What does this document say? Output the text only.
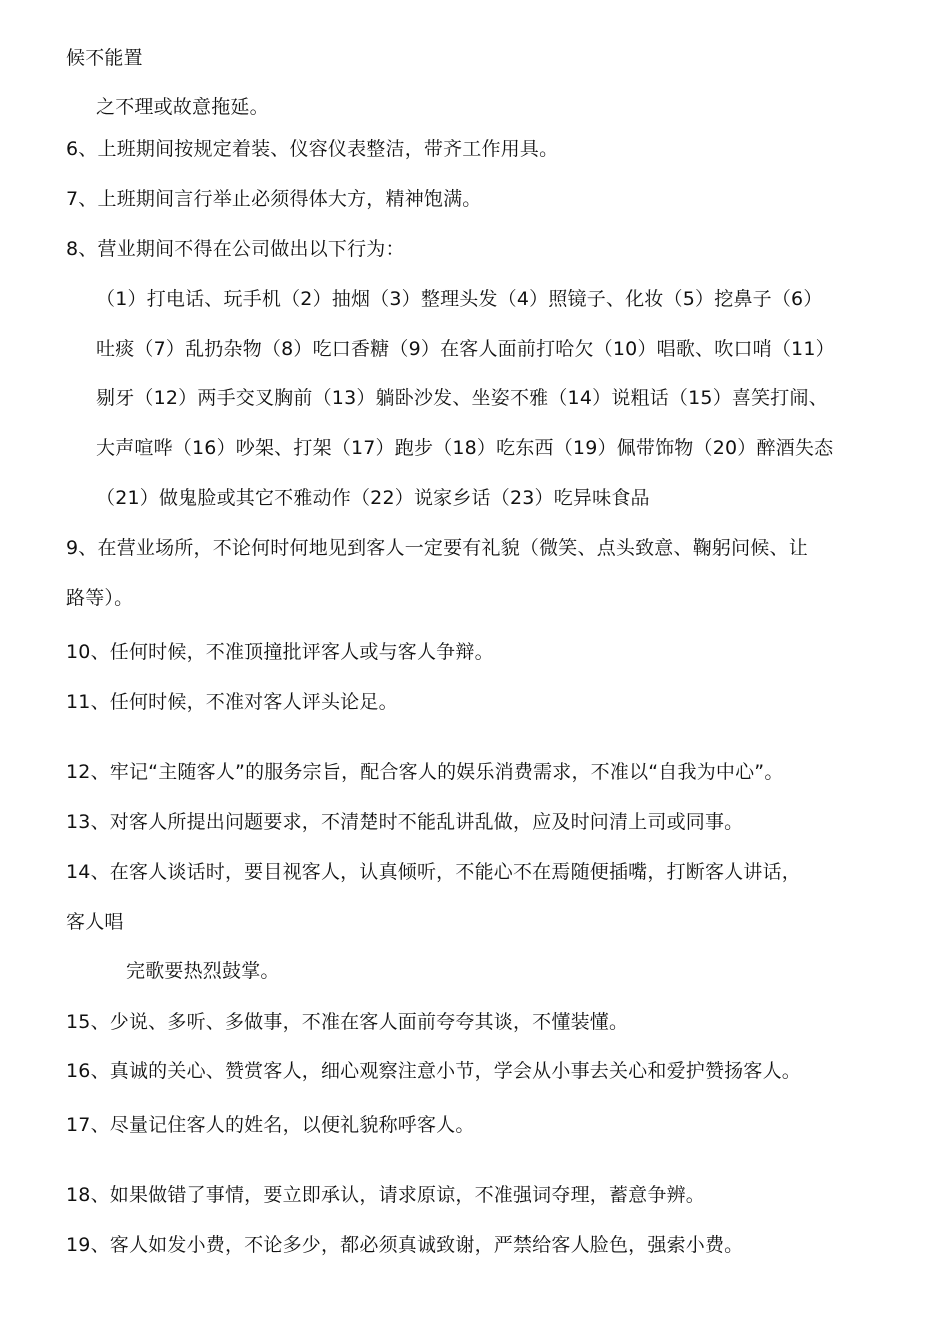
候不能置
之不理或故意拖延。
6、上班期间按规定着装、仪容仪表整洁，带齐工作用具。
7、上班期间言行举止必须得体大方，精神饱满。
8、营业期间不得在公司做出以下行为：
（1）打电话、玩手机（2）抽烟（3）整理头发（4）照镜子、化妆（5）挖鼻子（6）
吐痰（7）乱扔杂物（8）吃口香糖（9）在客人面前打哈欠（10）唱歌、吹口哨（11）
剔牙（12）两手交叉胸前（13）躺卧沙发、坐姿不雅（14）说粗话（15）喜笑打闹、
大声喧哗（16）吵架、打架（17）跑步（18）吃东西（19）佩带饰物（20）醉酒失态
（21）做鬼脸或其它不雅动作（22）说家乡话（23）吃异味食品
9、在营业场所，不论何时何地见到客人一定要有礼貌（微笑、点头致意、鞠躬问候、让
路等）。
10、任何时候，不准顶撞批评客人或与客人争辩。
11、任何时候，不准对客人评头论足。
12、牢记“主随客人”的服务宗旨，配合客人的娱乐消费需求，不准以“自我为中心”。
13、对客人所提出问题要求，不清楚时不能乱讲乱做，应及时问清上司或同事。
14、在客人谈话时，要目视客人，认真倾听，不能心不在焉随便插嘴，打断客人讲话，
客人唱
完歌要热烈鼓掌。
15、少说、多听、多做事，不准在客人面前夸夸其谈，不懂装懂。
16、真诚的关心、赞赏客人，细心观察注意小节，学会从小事去关心和爱护赞扬客人。
17、尽量记住客人的姓名，以便礼貌称呼客人。
18、如果做错了事情，要立即承认，请求原谅，不准强词夺理，蓄意争辨。
19、客人如发小费，不论多少，都必须真诚致谢，严禁给客人脸色，强索小费。
